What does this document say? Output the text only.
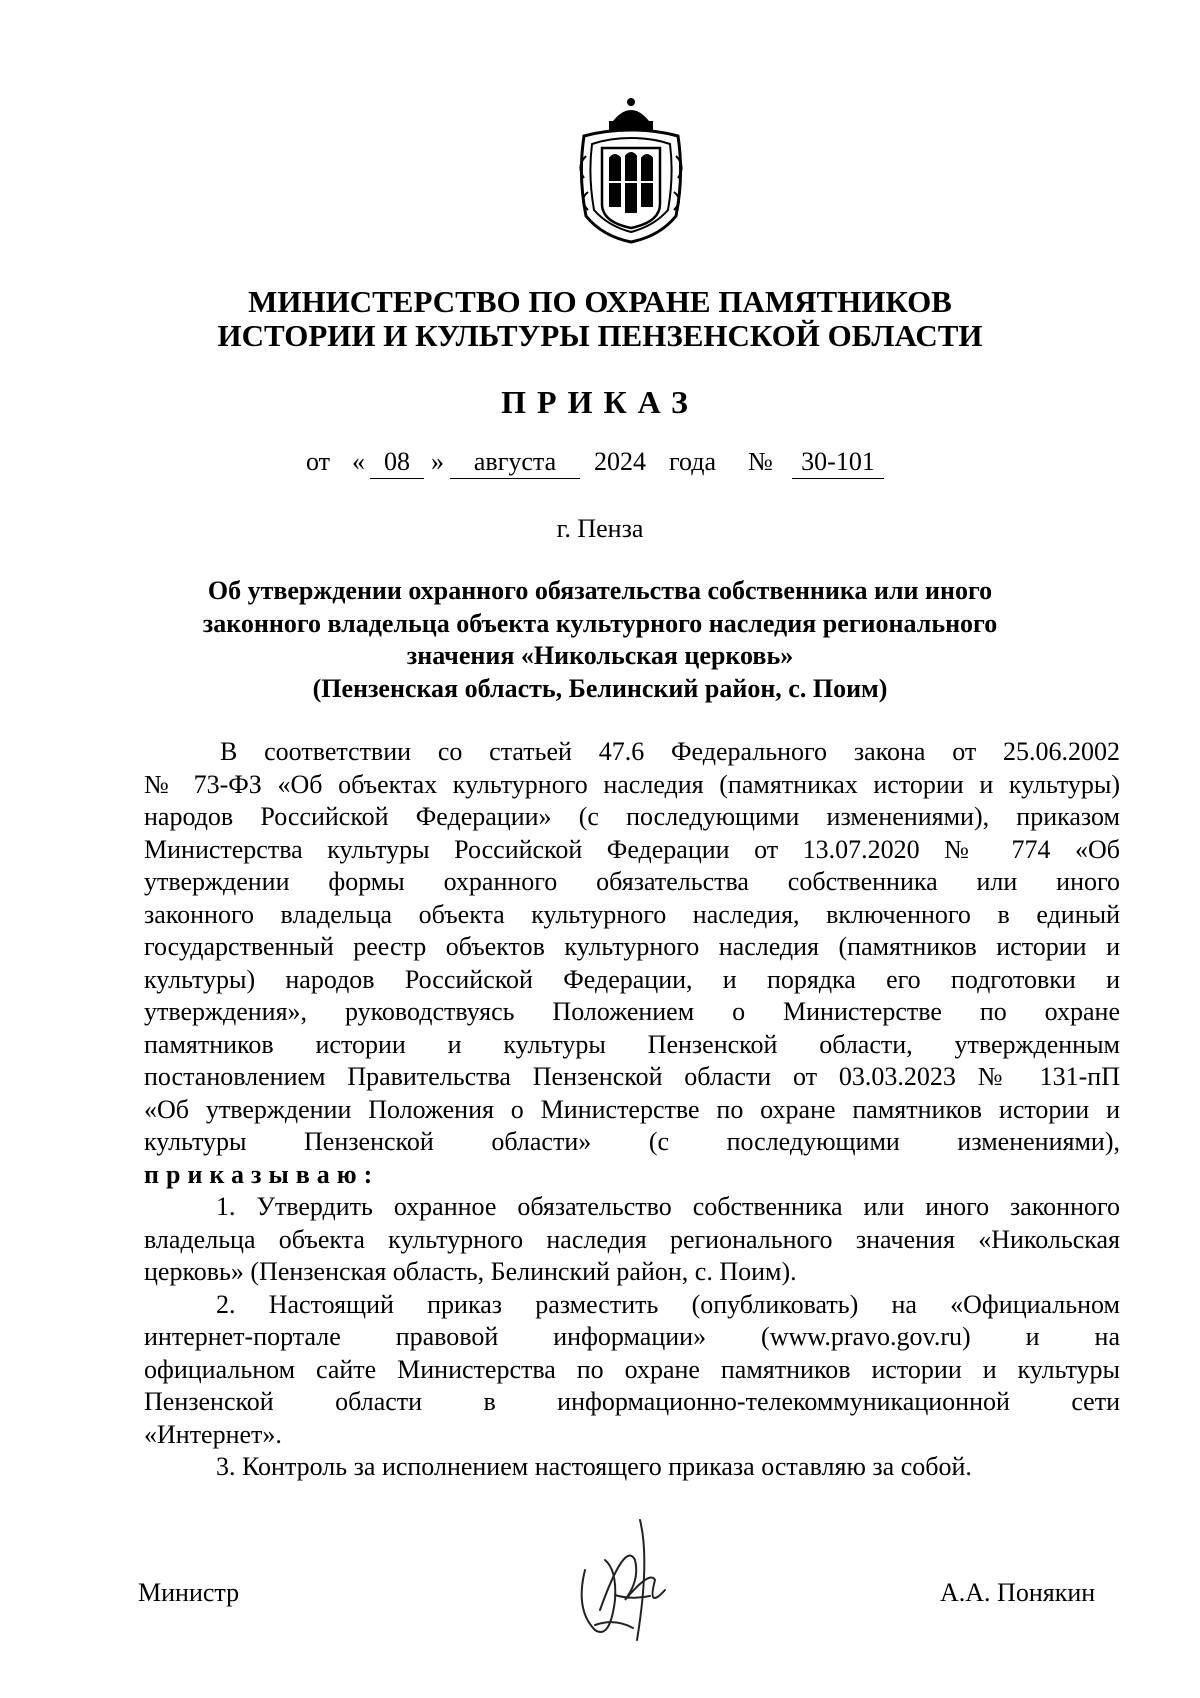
МИНИСТЕРСТВО ПО ОХРАНЕ ПАМЯТНИКОВ
ИСТОРИИ И КУЛЬТУРЫ ПЕНЗЕНСКОЙ ОБЛАСТИ
ПРИКАЗ
от « 08 »	августа	2024 года №	30-101
г. Пенза
Об утверждении охранного обязательства собственника или иного
законного владельца объекта культурного наследия регионального
значения «Никольская церковь»
(Пензенская область, Белинский район, с. Поим)
В соответствии со статьей 47.6 Федерального закона от 25.06.2002
№ 73-ФЗ «Об объектах культурного наследия (памятниках истории и культуры)
народов Российской Федерации» (с последующими изменениями), приказом
Министерства культуры Российской Федерации от 13.07.2020 № 774 «Об
утверждении формы охранного обязательства собственника или иного
законного владельца объекта культурного наследия, включенного в единый
государственный реестр объектов культурного наследия (памятников истории и
культуры) народов Российской Федерации, и порядка его подготовки и
утверждения», руководствуясь Положением о Министерстве по охране
памятников истории и культуры Пензенской области, утвержденным
постановлением Правительства Пензенской области от 03.03.2023 № 131-пП
«Об утверждении Положения о Министерстве по охране памятников истории и
культуры Пензенской области» (с последующими изменениями),
приказываю:
1. Утвердить охранное обязательство собственника или иного законного
владельца объекта культурного наследия регионального значения «Никольская
церковь» (Пензенская область, Белинский район, с. Поим).
2. Настоящий приказ разместить (опубликовать) на «Официальном
интернет-портале правовой информации» (www.pravo.gov.ru) и на
официальном сайте Министерства по охране памятников истории и культуры
Пензенской области в информационно-телекоммуникационной сети
«Интернет».
3. Контроль за исполнением настоящего приказа оставляю за собой.
Министр	А.А. Понякин
